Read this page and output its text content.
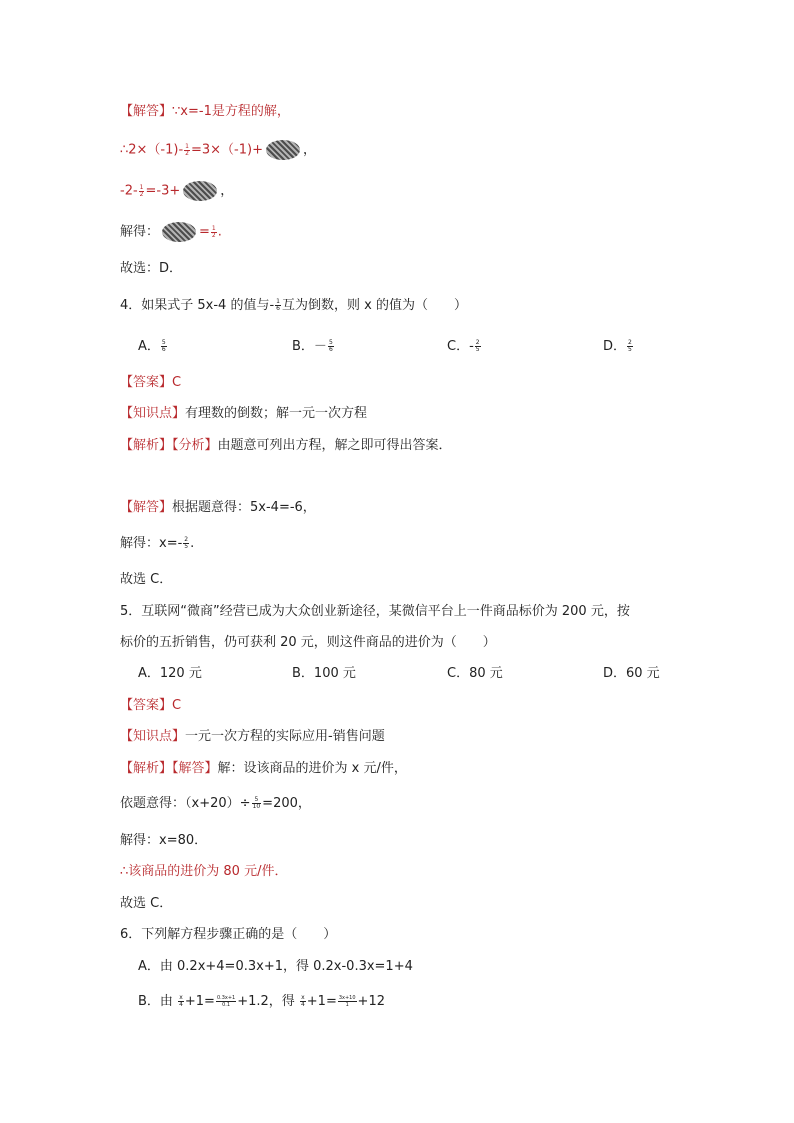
【解答】∵x=-1是方程的解，
∴2×（-1)- $\frac{1}{2} =3\times(-1)+$	，
$-2- \frac{1}{2} =-3+$	，
解得：	= $\frac{1}{2}$ .
故选：D．
4．如果式子 5x-4 的值与- $\frac{1}{6}$ 互为倒数，则 x 的值为（　　）
A． $\frac{5}{6}$	B．－ $\frac{5}{6}$	C．- $\frac{2}{5}$	D． $\frac{2}{5}$
【答案】C
【知识点】有理数的倒数；解一元一次方程
【解析】【分析】由题意可列出方程，解之即可得出答案．
【解答】根据题意得：5x-4=-6，
解得：$x=- \frac{2}{5}$ .
故选 C．
5．互联网“微商”经营已成为大众创业新途径，某微信平台上一件商品标价为 200 元，按
标价的五折销售，仍可获利 20 元，则这件商品的进价为（　　）
A．120 元	B．100 元	C．80 元	D．60 元
【答案】C
【知识点】一元一次方程的实际应用-销售问题
【解析】【解答】解：设该商品的进价为 x 元/件，
依题意得：$(x+20)\div \frac{5}{10} =200$，
解得：x=80．
∴该商品的进价为 80 元/件．
故选 C．
6．下列解方程步骤正确的是（　　）
A．由 0.2x+4=0.3x+1，得 0.2x-0.3x=1+4
B．由 $\frac{x}{4} +1= \frac{0.3x+1}{0.1} +1.2$，得 $\frac{x}{4} +1= \frac{3x+10}{1} +12$
